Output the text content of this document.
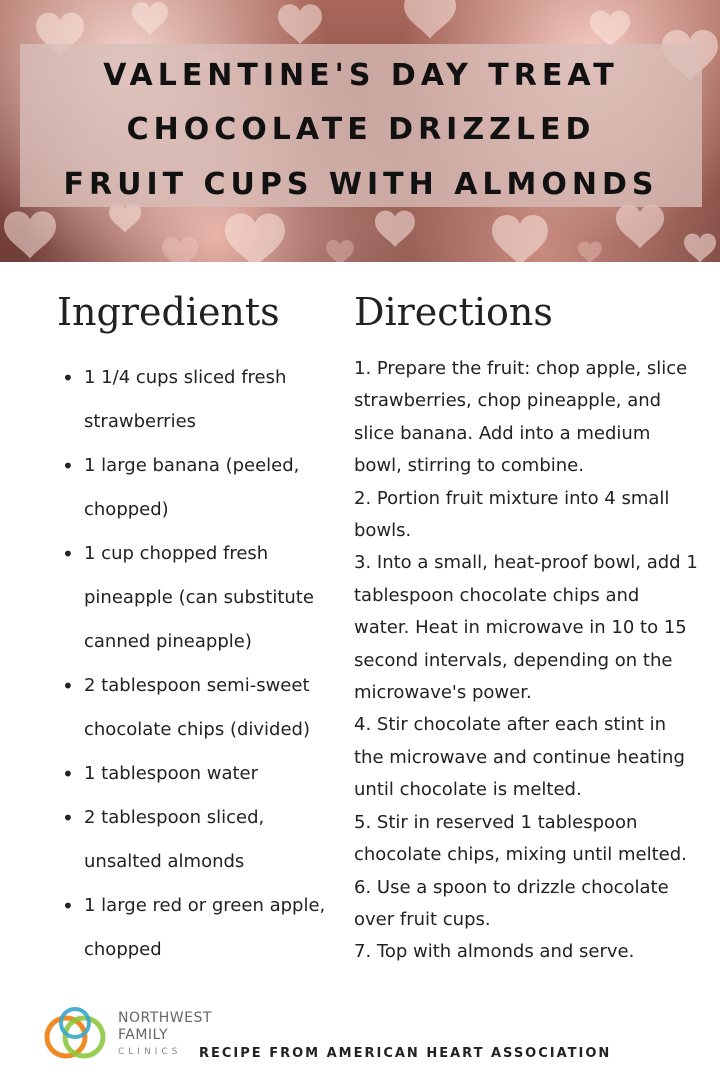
VALENTINE'S DAY TREAT
CHOCOLATE DRIZZLED
FRUIT CUPS WITH ALMONDS
Ingredients Directions
• 1 1/4 cups sliced fresh strawberries
• 1 large banana (peeled, chopped)
• 1 cup chopped fresh pineapple (can substitute canned pineapple)
• 2 tablespoon semi-sweet chocolate chips (divided)
• 1 tablespoon water
• 2 tablespoon sliced, unsalted almonds
• 1 large red or green apple, chopped
1. Prepare the fruit: chop apple, slice strawberries, chop pineapple, and slice banana. Add into a medium bowl, stirring to combine.
2. Portion fruit mixture into 4 small bowls.
3. Into a small, heat-proof bowl, add 1 tablespoon chocolate chips and water. Heat in microwave in 10 to 15 second intervals, depending on the microwave's power.
4. Stir chocolate after each stint in the microwave and continue heating until chocolate is melted.
5. Stir in reserved 1 tablespoon chocolate chips, mixing until melted.
6. Use a spoon to drizzle chocolate over fruit cups.
7. Top with almonds and serve.
NORTHWEST
FAMILY
CLINICS	RECIPE FROM AMERICAN HEART ASSOCIATION
